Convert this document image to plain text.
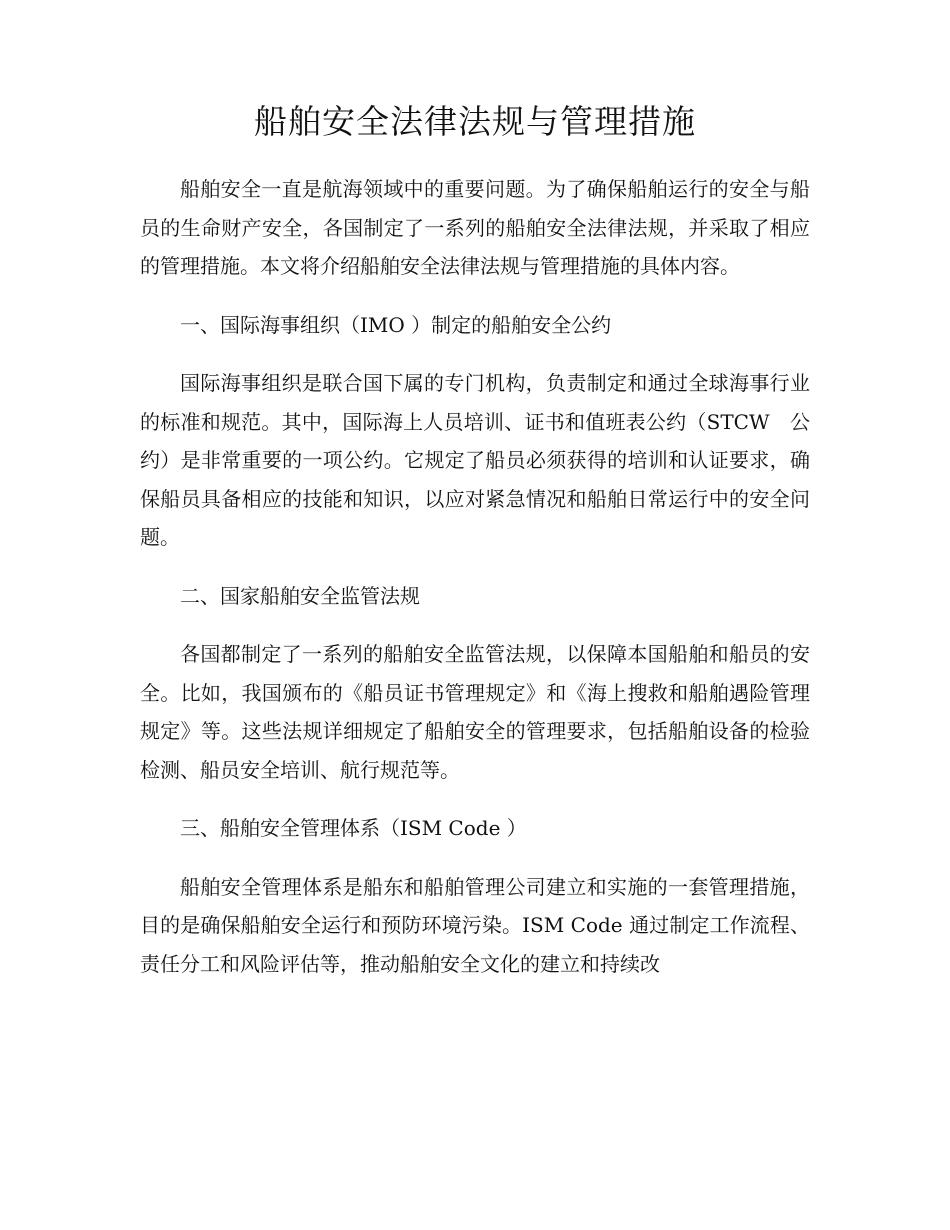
船舶安全法律法规与管理措施

船舶安全一直是航海领域中的重要问题。为了确保船舶运行的安全与船员的生命财产安全，各国制定了一系列的船舶安全法律法规，并采取了相应的管理措施。本文将介绍船舶安全法律法规与管理措施的具体内容。

一、国际海事组织（IMO ）制定的船舶安全公约

国际海事组织是联合国下属的专门机构，负责制定和通过全球海事行业的标准和规范。其中，国际海上人员培训、证书和值班表公约（STCW　公约）是非常重要的一项公约。它规定了船员必须获得的培训和认证要求，确保船员具备相应的技能和知识，以应对紧急情况和船舶日常运行中的安全问题。

二、国家船舶安全监管法规

各国都制定了一系列的船舶安全监管法规，以保障本国船舶和船员的安全。比如，我国颁布的《船员证书管理规定》和《海上搜救和船舶遇险管理规定》等。这些法规详细规定了船舶安全的管理要求，包括船舶设备的检验检测、船员安全培训、航行规范等。

三、船舶安全管理体系（ISM Code ）

船舶安全管理体系是船东和船舶管理公司建立和实施的一套管理措施，目的是确保船舶安全运行和预防环境污染。ISM Code 通过制定工作流程、责任分工和风险评估等，推动船舶安全文化的建立和持续改
